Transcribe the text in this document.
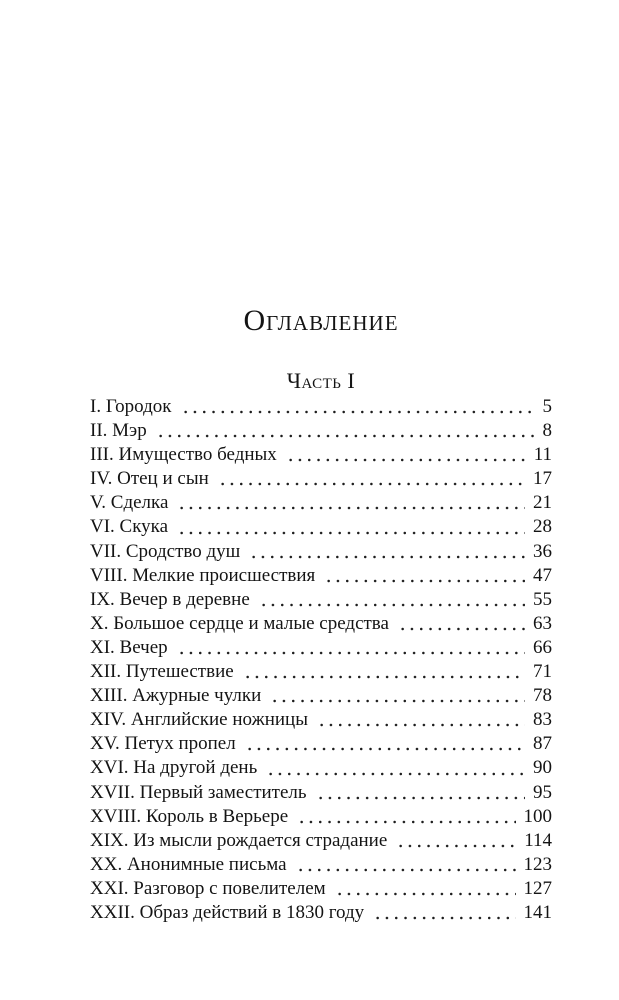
Оглавление
Часть I
I. Городок	5
II. Мэр	8
III. Имущество бедных	11
IV. Отец и сын	17
V. Сделка	21
VI. Скука	28
VII. Сродство душ	36
VIII. Мелкие происшествия	47
IX. Вечер в деревне	55
X. Большое сердце и малые средства	63
XI. Вечер	66
XII. Путешествие	71
XIII. Ажурные чулки	78
XIV. Английские ножницы	83
XV. Петух пропел	87
XVI. На другой день	90
XVII. Первый заместитель	95
XVIII. Король в Верьере	100
XIX. Из мысли рождается страдание	114
XX. Анонимные письма	123
XXI. Разговор с повелителем	127
XXII. Образ действий в 1830 году	141
